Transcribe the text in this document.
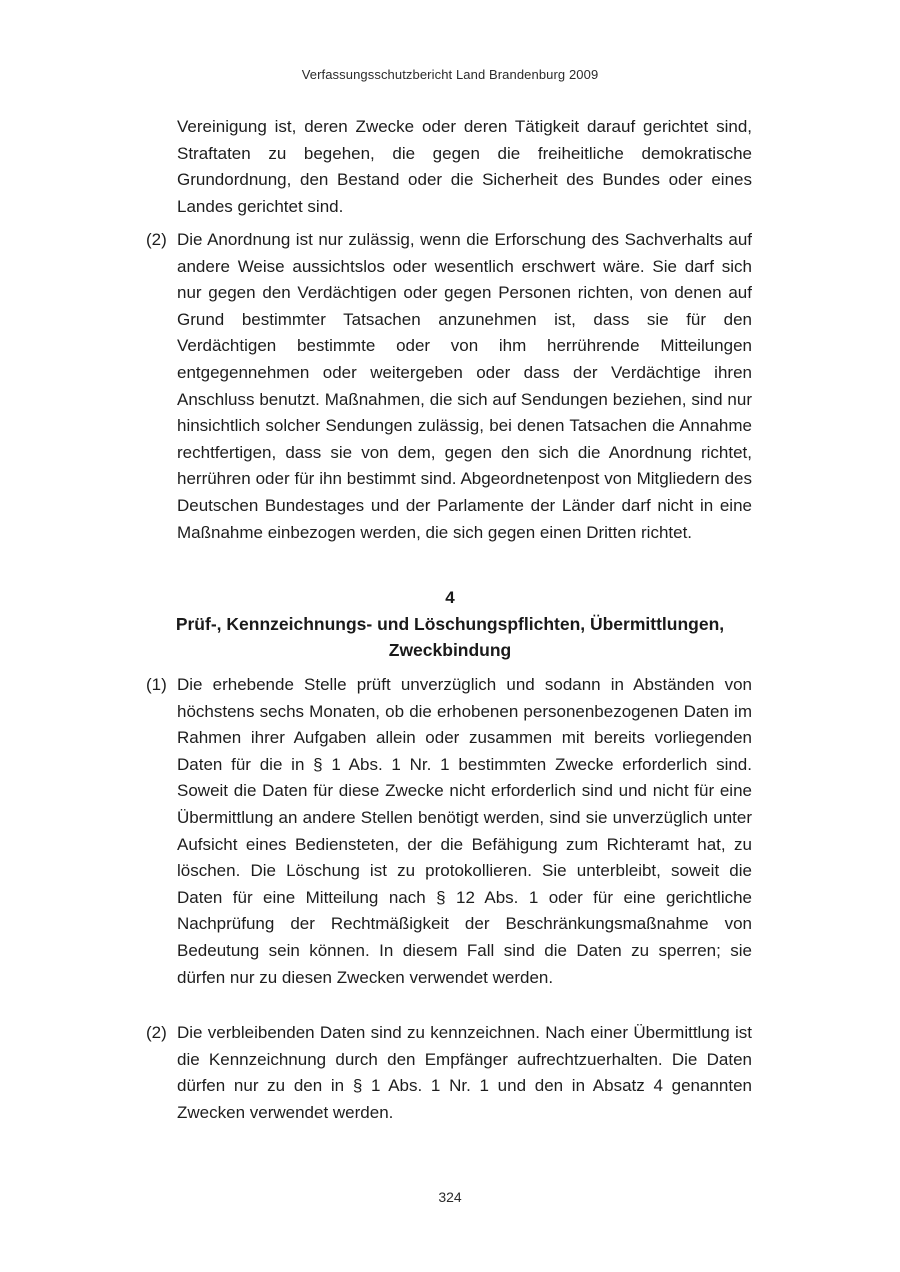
Verfassungsschutzbericht Land Brandenburg 2009
Vereinigung ist, deren Zwecke oder deren Tätigkeit darauf gerichtet sind, Straftaten zu begehen, die gegen die freiheitliche demokratische Grundordnung, den Bestand oder die Sicherheit des Bundes oder eines Landes gerichtet sind.
(2) Die Anordnung ist nur zulässig, wenn die Erforschung des Sachverhalts auf andere Weise aussichtslos oder wesentlich erschwert wäre. Sie darf sich nur gegen den Verdächtigen oder gegen Personen richten, von denen auf Grund bestimmter Tatsachen anzunehmen ist, dass sie für den Verdächtigen bestimmte oder von ihm herrührende Mitteilungen entgegennehmen oder weitergeben oder dass der Verdächtige ihren Anschluss benutzt. Maßnahmen, die sich auf Sendungen beziehen, sind nur hinsichtlich solcher Sendungen zulässig, bei denen Tatsachen die Annahme rechtfertigen, dass sie von dem, gegen den sich die Anordnung richtet, herrühren oder für ihn bestimmt sind. Abgeordnetenpost von Mitgliedern des Deutschen Bundestages und der Parlamente der Länder darf nicht in eine Maßnahme einbezogen werden, die sich gegen einen Dritten richtet.
4
Prüf-, Kennzeichnungs- und Löschungspflichten, Übermittlungen,
Zweckbindung
(1) Die erhebende Stelle prüft unverzüglich und sodann in Abständen von höchstens sechs Monaten, ob die erhobenen personenbezogenen Daten im Rahmen ihrer Aufgaben allein oder zusammen mit bereits vorliegenden Daten für die in § 1 Abs. 1 Nr. 1 bestimmten Zwecke erforderlich sind. Soweit die Daten für diese Zwecke nicht erforderlich sind und nicht für eine Übermittlung an andere Stellen benötigt werden, sind sie unverzüglich unter Aufsicht eines Bediensteten, der die Befähigung zum Richteramt hat, zu löschen. Die Löschung ist zu protokollieren. Sie unterbleibt, soweit die Daten für eine Mitteilung nach § 12 Abs. 1 oder für eine gerichtliche Nachprüfung der Rechtmäßigkeit der Beschränkungsmaßnahme von Bedeutung sein können. In diesem Fall sind die Daten zu sperren; sie dürfen nur zu diesen Zwecken verwendet werden.
(2) Die verbleibenden Daten sind zu kennzeichnen. Nach einer Übermittlung ist die Kennzeichnung durch den Empfänger aufrechtzuerhalten. Die Daten dürfen nur zu den in § 1 Abs. 1 Nr. 1 und den in Absatz 4 genannten Zwecken verwendet werden.
324
